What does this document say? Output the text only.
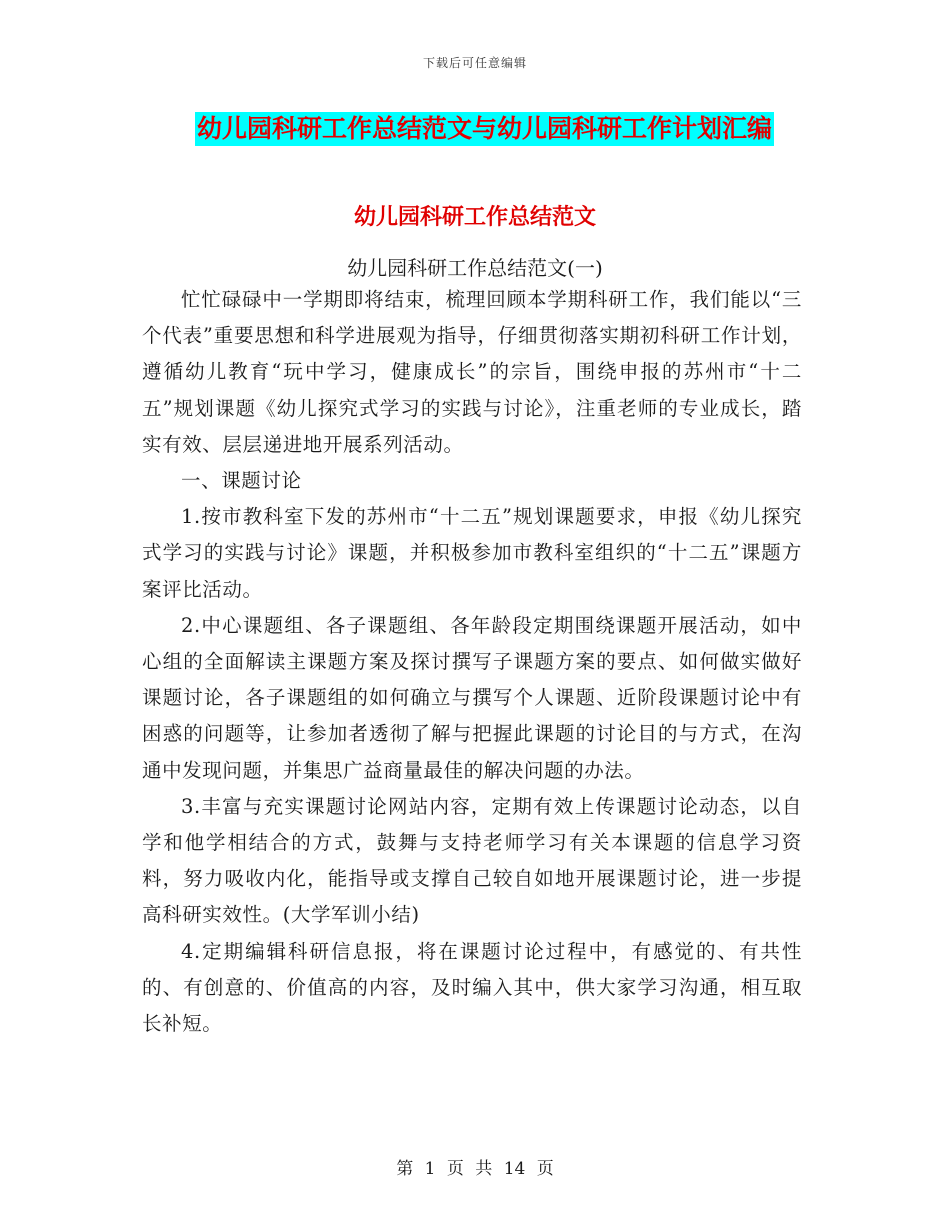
下载后可任意编辑
幼儿园科研工作总结范文与幼儿园科研工作计划汇编
幼儿园科研工作总结范文
幼儿园科研工作总结范文(一)

忙忙碌碌中一学期即将结束，梳理回顾本学期科研工作，我们能以“三个代表”重要思想和科学进展观为指导，仔细贯彻落实期初科研工作计划，遵循幼儿教育“玩中学习，健康成长”的宗旨，围绕申报的苏州市“十二五”规划课题《幼儿探究式学习的实践与讨论》，注重老师的专业成长，踏实有效、层层递进地开展系列活动。

一、课题讨论

1.按市教科室下发的苏州市“十二五”规划课题要求，申报《幼儿探究式学习的实践与讨论》课题，并积极参加市教科室组织的“十二五”课题方案评比活动。

2.中心课题组、各子课题组、各年龄段定期围绕课题开展活动，如中心组的全面解读主课题方案及探讨撰写子课题方案的要点、如何做实做好课题讨论，各子课题组的如何确立与撰写个人课题、近阶段课题讨论中有困惑的问题等，让参加者透彻了解与把握此课题的讨论目的与方式，在沟通中发现问题，并集思广益商量最佳的解决问题的办法。

3.丰富与充实课题讨论网站内容，定期有效上传课题讨论动态，以自学和他学相结合的方式，鼓舞与支持老师学习有关本课题的信息学习资料，努力吸收内化，能指导或支撑自己较自如地开展课题讨论，进一步提高科研实效性。(大学军训小结)

4.定期编辑科研信息报，将在课题讨论过程中，有感觉的、有共性的、有创意的、价值高的内容，及时编入其中，供大家学习沟通，相互取长补短。

第 1 页 共 14 页
